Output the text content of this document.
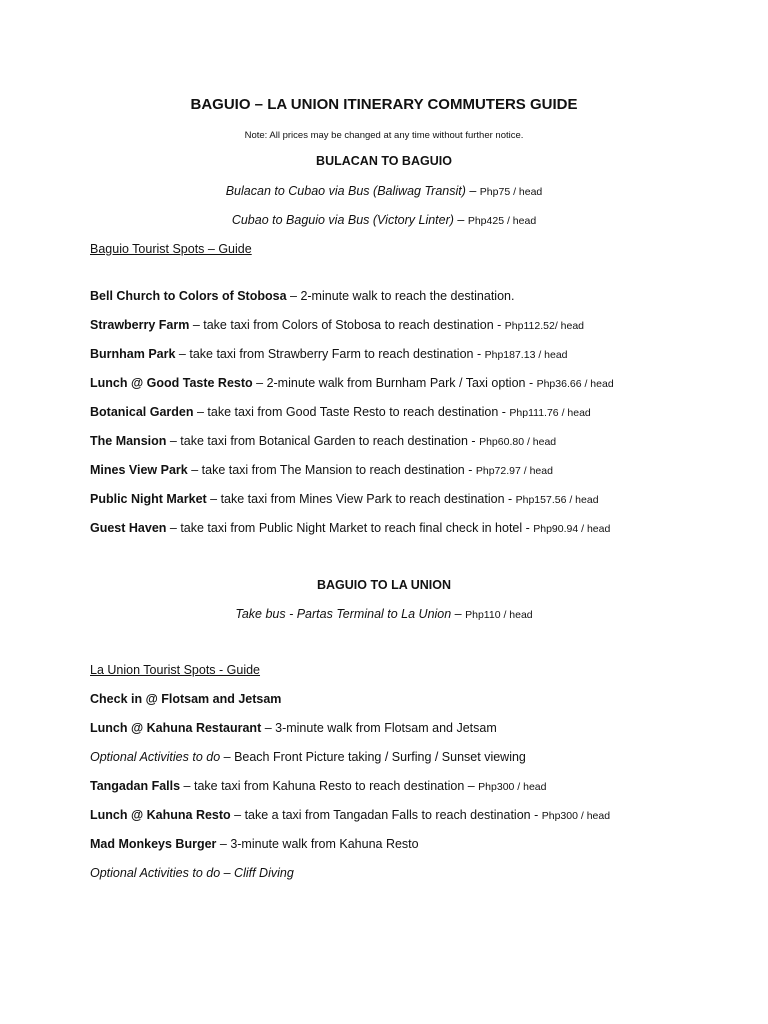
BAGUIO – LA UNION ITINERARY COMMUTERS GUIDE
Note: All prices may be changed at any time without further notice.
BULACAN TO BAGUIO
Bulacan to Cubao via Bus (Baliwag Transit) – Php75 / head
Cubao to Baguio via Bus (Victory Linter) – Php425 / head
Baguio Tourist Spots – Guide
Bell Church to Colors of Stobosa – 2-minute walk to reach the destination.
Strawberry Farm – take taxi from Colors of Stobosa to reach destination - Php112.52/ head
Burnham Park – take taxi from Strawberry Farm to reach destination - Php187.13 / head
Lunch @ Good Taste Resto – 2-minute walk from Burnham Park / Taxi option - Php36.66 / head
Botanical Garden – take taxi from Good Taste Resto to reach destination - Php111.76 / head
The Mansion – take taxi from Botanical Garden to reach destination - Php60.80 / head
Mines View Park – take taxi from The Mansion to reach destination - Php72.97 / head
Public Night Market – take taxi from Mines View Park to reach destination - Php157.56 / head
Guest Haven – take taxi from Public Night Market to reach final check in hotel - Php90.94 / head
BAGUIO TO LA UNION
Take bus - Partas Terminal to La Union – Php110 / head
La Union Tourist Spots - Guide
Check in @ Flotsam and Jetsam
Lunch @ Kahuna Restaurant – 3-minute walk from Flotsam and Jetsam
Optional Activities to do – Beach Front Picture taking / Surfing / Sunset viewing
Tangadan Falls – take taxi from Kahuna Resto to reach destination – Php300 / head
Lunch @ Kahuna Resto – take a taxi from Tangadan Falls to reach destination - Php300 / head
Mad Monkeys Burger – 3-minute walk from Kahuna Resto
Optional Activities to do – Cliff Diving
